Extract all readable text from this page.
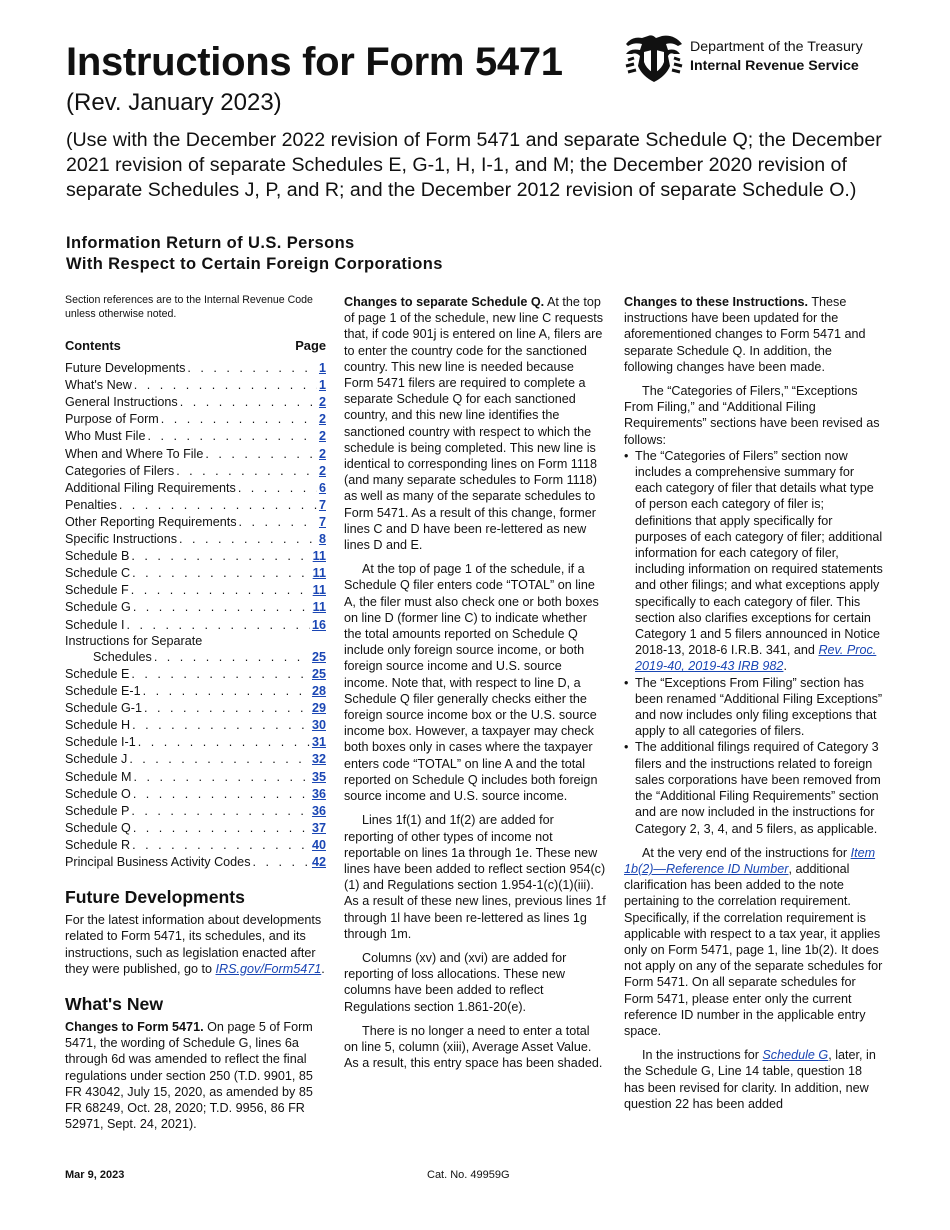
Instructions for Form 5471
(Rev. January 2023)
(Use with the December 2022 revision of Form 5471 and separate Schedule Q; the December 2021 revision of separate Schedules E, G-1, H, I-1, and M; the December 2020 revision of separate Schedules J, P, and R; and the December 2012 revision of separate Schedule O.)
Information Return of U.S. Persons
With Respect to Certain Foreign Corporations
Department of the Treasury
Internal Revenue Service

Section references are to the Internal Revenue Code unless otherwise noted.

Contents	Page
Future Developments . . .	1
What's New . . .	1
General Instructions . . .	2
Purpose of Form . . .	2
Who Must File . . .	2
When and Where To File . . .	2
Categories of Filers . . .	2
Additional Filing Requirements . . .	6
Penalties . . .	7
Other Reporting Requirements . . .	7
Specific Instructions . . .	8
Schedule B . . .	11
Schedule C . . .	11
Schedule F . . .	11
Schedule G . . .	11
Schedule I . . .	16
Instructions for Separate
Schedules . . .	25
Schedule E . . .	25
Schedule E-1 . . .	28
Schedule G-1 . . .	29
Schedule H . . .	30
Schedule I-1 . . .	31
Schedule J . . .	32
Schedule M . . .	35
Schedule O . . .	36
Schedule P . . .	36
Schedule Q . . .	37
Schedule R . . .	40
Principal Business Activity Codes . . .	42
Future Developments

For the latest information about developments related to Form 5471, its schedules, and its instructions, such as legislation enacted after they were published, go to IRS.gov/Form5471.

What's New

Changes to Form 5471. On page 5 of Form 5471, the wording of Schedule G, lines 6a through 6d was amended to reflect the final regulations under section 250 (T.D. 9901, 85 FR 43042, July 15, 2020, as amended by 85 FR 68249, Oct. 28, 2020; T.D. 9956, 86 FR 52971, Sept. 24, 2021).

Changes to separate Schedule Q. At the top of page 1 of the schedule, new line C requests that, if code 901j is entered on line A, filers are to enter the country code for the sanctioned country. This new line is needed because Form 5471 filers are required to complete a separate Schedule Q for each sanctioned country, and this new line identifies the sanctioned country with respect to which the schedule is being completed. This new line is identical to corresponding lines on Form 1118 (and many separate schedules to Form 1118) as well as many of the separate schedules to Form 5471. As a result of this change, former lines C and D have been re-lettered as new lines D and E.

At the top of page 1 of the schedule, if a Schedule Q filer enters code “TOTAL” on line A, the filer must also check one or both boxes on line D (former line C) to indicate whether the total amounts reported on Schedule Q include only foreign source income, or both foreign source income and U.S. source income. Note that, with respect to line D, a Schedule Q filer generally checks either the foreign source income box or the U.S. source income box. However, a taxpayer may check both boxes only in cases where the taxpayer enters code “TOTAL” on line A and the total reported on Schedule Q includes both foreign source income and U.S. source income.

Lines 1f(1) and 1f(2) are added for reporting of other types of income not reportable on lines 1a through 1e. These new lines have been added to reflect section 954(c)(1) and Regulations section 1.954-1(c)(1)(iii). As a result of these new lines, previous lines 1f through 1l have been re-lettered as lines 1g through 1m.

Columns (xv) and (xvi) are added for reporting of loss allocations. These new columns have been added to reflect Regulations section 1.861-20(e).

There is no longer a need to enter a total on line 5, column (xiii), Average Asset Value. As a result, this entry space has been shaded.

Changes to these Instructions. These instructions have been updated for the aforementioned changes to Form 5471 and separate Schedule Q. In addition, the following changes have been made.

The “Categories of Filers,” “Exceptions From Filing,” and “Additional Filing Requirements” sections have been revised as follows:

• The “Categories of Filers” section now includes a comprehensive summary for each category of filer that details what type of person each category of filer is; definitions that apply specifically for purposes of each category of filer; additional information for each category of filer, including information on required statements and other filings; and what exceptions apply specifically to each category of filer. This section also clarifies exceptions for certain Category 1 and 5 filers announced in Notice 2018-13, 2018-6 I.R.B. 341, and Rev. Proc. 2019-40, 2019-43 IRB 982.
• The “Exceptions From Filing” section has been renamed “Additional Filing Exceptions” and now includes only filing exceptions that apply to all categories of filers.
• The additional filings required of Category 3 filers and the instructions related to foreign sales corporations have been removed from the “Additional Filing Requirements” section and are now included in the instructions for Category 2, 3, 4, and 5 filers, as applicable.

At the very end of the instructions for Item 1b(2)—Reference ID Number, additional clarification has been added to the note pertaining to the correlation requirement. Specifically, if the correlation requirement is applicable with respect to a tax year, it applies only on Form 5471, page 1, line 1b(2). It does not apply on any of the separate schedules for Form 5471. On all separate schedules for Form 5471, please enter only the current reference ID number in the applicable entry space.

In the instructions for Schedule G, later, in the Schedule G, Line 14 table, question 18 has been revised for clarity. In addition, new question 22 has been added

Mar 9, 2023	Cat. No. 49959G
